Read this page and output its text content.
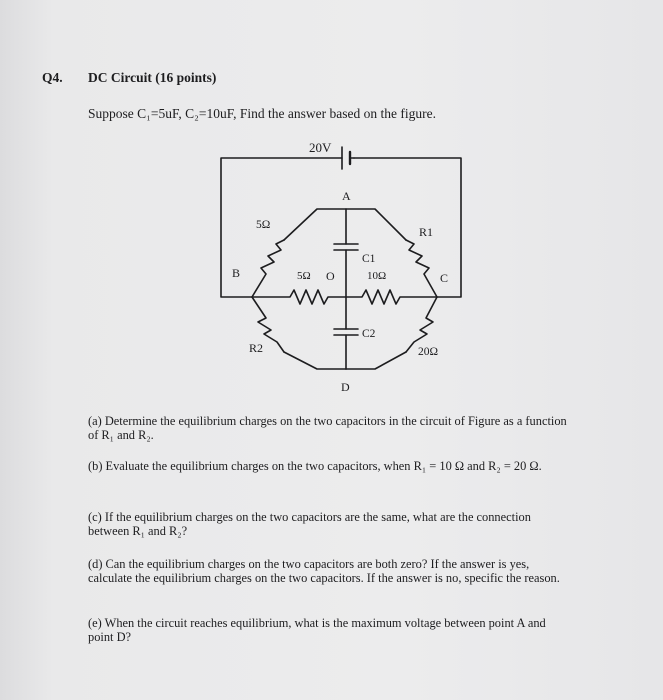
Q4. DC Circuit (16 points)
Suppose C₁=5uF, C₂=10uF, Find the answer based on the figure.
20V
A
5Ω	R1
C1
B	5Ω O	10Ω	C
C2
R2	20Ω
D
(a) Determine the equilibrium charges on the two capacitors in the circuit of Figure as a function of R₁ and R₂.
(b) Evaluate the equilibrium charges on the two capacitors, when R₁ = 10 Ω and R₂ = 20 Ω.
(c) If the equilibrium charges on the two capacitors are the same, what are the connection between R₁ and R₂?
(d) Can the equilibrium charges on the two capacitors are both zero? If the answer is yes, calculate the equilibrium charges on the two capacitors. If the answer is no, specific the reason.
(e) When the circuit reaches equilibrium, what is the maximum voltage between point A and point D?
